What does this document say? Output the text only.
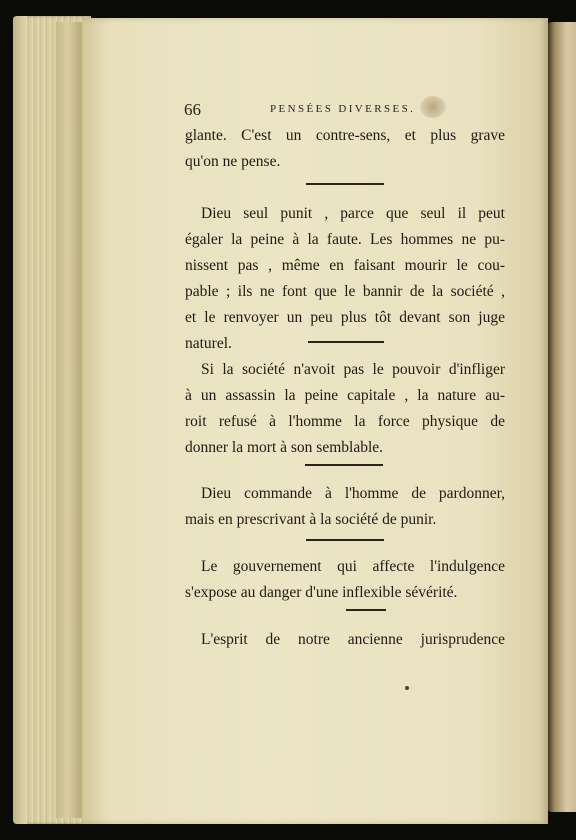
66	PENSÉES DIVERSES.
glante. C'est un contre-sens, et plus grave
qu'on ne pense.
Dieu seul punit , parce que seul il peut
égaler la peine à la faute. Les hommes ne pu-
nissent pas , même en faisant mourir le cou-
pable ; ils ne font que le bannir de la société ,
et le renvoyer un peu plus tôt devant son juge
naturel.
Si la société n'avoit pas le pouvoir d'infliger
à un assassin la peine capitale , la nature au-
roit refusé à l'homme la force physique de
donner la mort à son semblable.
Dieu commande à l'homme de pardonner,
mais en prescrivant à la société de punir.
Le gouvernement qui affecte l'indulgence
s'expose au danger d'une inflexible sévérité.
L'esprit de notre ancienne jurisprudence
